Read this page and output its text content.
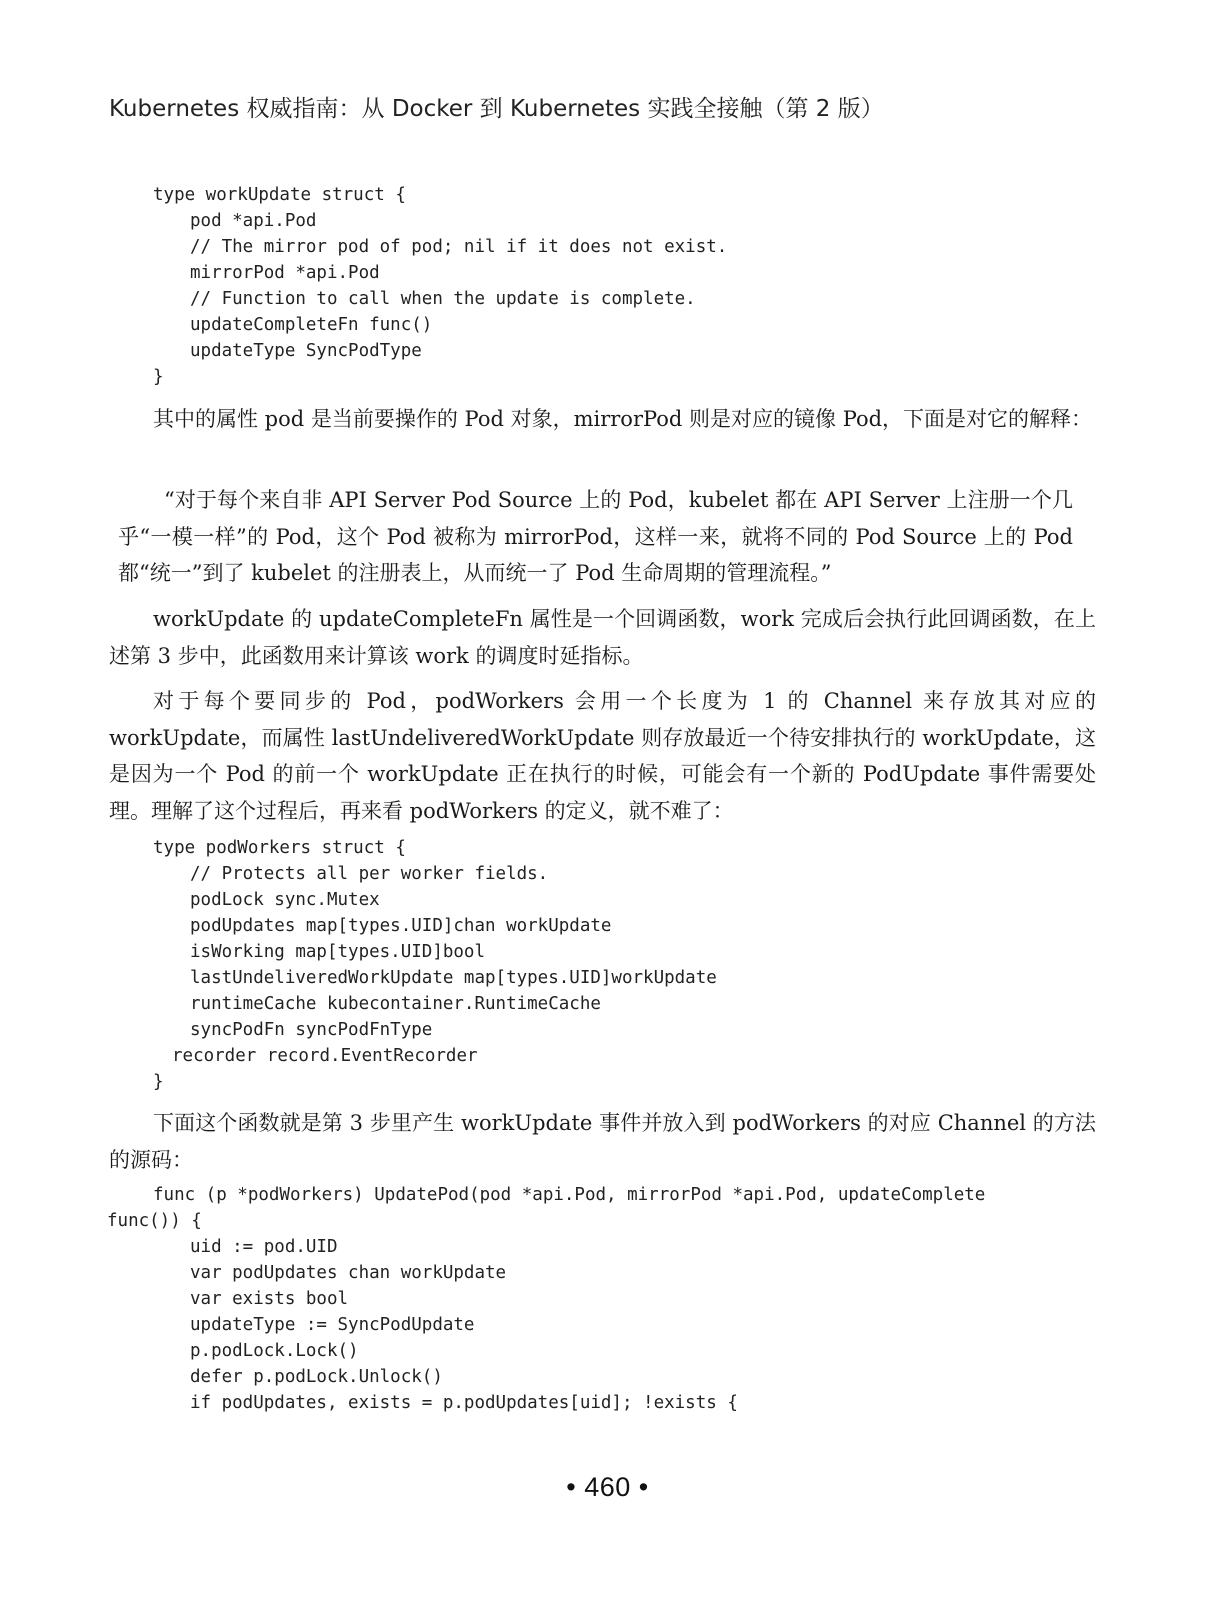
Kubernetes 权威指南：从 Docker 到 Kubernetes 实践全接触（第 2 版）
type workUpdate struct {
pod *api.Pod
// The mirror pod of pod; nil if it does not exist.
mirrorPod *api.Pod
// Function to call when the update is complete.
updateCompleteFn func()
updateType SyncPodType
}

其中的属性 pod 是当前要操作的 Pod 对象，mirrorPod 则是对应的镜像 Pod，下面是对它的解释：

“对于每个来自非 API Server Pod Source 上的 Pod，kubelet 都在 API Server 上注册一个几乎“一模一样”的 Pod，这个 Pod 被称为 mirrorPod，这样一来，就将不同的 Pod Source 上的 Pod 都“统一”到了 kubelet 的注册表上，从而统一了 Pod 生命周期的管理流程。”

workUpdate 的 updateCompleteFn 属性是一个回调函数，work 完成后会执行此回调函数，在上述第 3 步中，此函数用来计算该 work 的调度时延指标。

对于每个要同步的 Pod，podWorkers 会用一个长度为 1 的 Channel 来存放其对应的 workUpdate，而属性 lastUndeliveredWorkUpdate 则存放最近一个待安排执行的 workUpdate，这是因为一个 Pod 的前一个 workUpdate 正在执行的时候，可能会有一个新的 PodUpdate 事件需要处理。理解了这个过程后，再来看 podWorkers 的定义，就不难了：

type podWorkers struct {
// Protects all per worker fields.
podLock sync.Mutex
podUpdates map[types.UID]chan workUpdate
isWorking map[types.UID]bool
lastUndeliveredWorkUpdate map[types.UID]workUpdate
runtimeCache kubecontainer.RuntimeCache
syncPodFn syncPodFnType
recorder record.EventRecorder
}

下面这个函数就是第 3 步里产生 workUpdate 事件并放入到 podWorkers 的对应 Channel 的方法的源码：

func (p *podWorkers) UpdatePod(pod *api.Pod, mirrorPod *api.Pod, updateComplete
func()) {
uid := pod.UID
var podUpdates chan workUpdate
var exists bool
updateType := SyncPodUpdate
p.podLock.Lock()
defer p.podLock.Unlock()
if podUpdates, exists = p.podUpdates[uid]; !exists {
• 460 •
